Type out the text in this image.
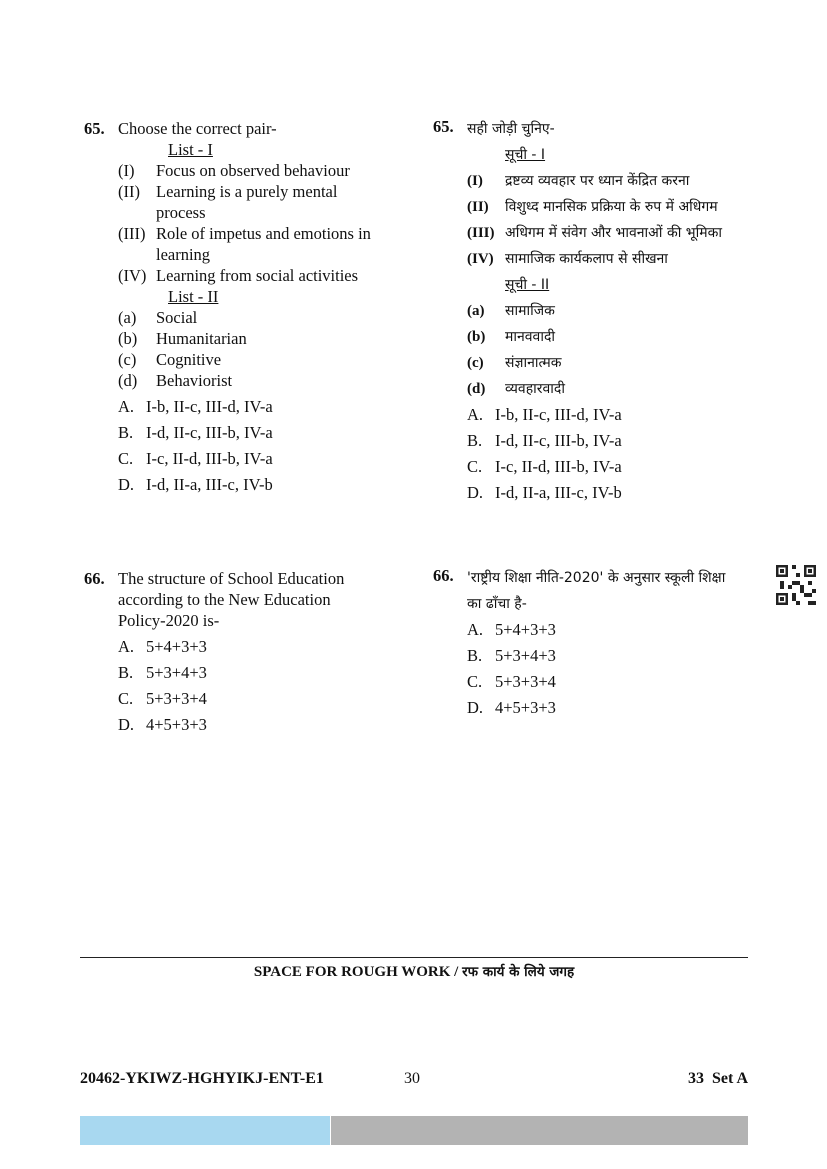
65. Choose the correct pair-
List - I
(I)	Focus on observed behaviour
(II) Learning is a purely mental process
(III) Role of impetus and emotions in learning
(IV) Learning from social activities
List - II
(a)	Social
(b)	Humanitarian
(c)	Cognitive
(d)	Behaviorist
A. I-b, II-c, III-d, IV-a
B. I-d, II-c, III-b, IV-a
C. I-c, II-d, III-b, IV-a
D. I-d, II-a, III-c, IV-b
65. सही जोड़ी चुनिए-
सूची - I
(I)	द्रष्टव्य व्यवहार पर ध्यान केंद्रित करना
(II)	विशुध्द मानसिक प्रक्रिया के रुप में अधिगम
(III) अधिगम में संवेग और भावनाओं की भूमिका
(IV) सामाजिक कार्यकलाप से सीखना
सूची - II
(a)	सामाजिक
(b)	मानववादी
(c)	संज्ञानात्मक
(d)	व्यवहारवादी
A. I-b, II-c, III-d, IV-a
B. I-d, II-c, III-b, IV-a
C. I-c, II-d, III-b, IV-a
D. I-d, II-a, III-c, IV-b
66. The structure of School Education according to the New Education Policy-2020 is-
A. 5+4+3+3
B. 5+3+4+3
C. 5+3+3+4
D. 4+5+3+3
66. 'राष्ट्रीय शिक्षा नीति-2020' के अनुसार स्कूली शिक्षा का ढाँचा है-
A. 5+4+3+3
B. 5+3+4+3
C. 5+3+3+4
D. 4+5+3+3
SPACE FOR ROUGH WORK / रफ कार्य के लिये जगह
20462-YKIWZ-HGHYIKJ-ENT-E1	30	33 Set A
